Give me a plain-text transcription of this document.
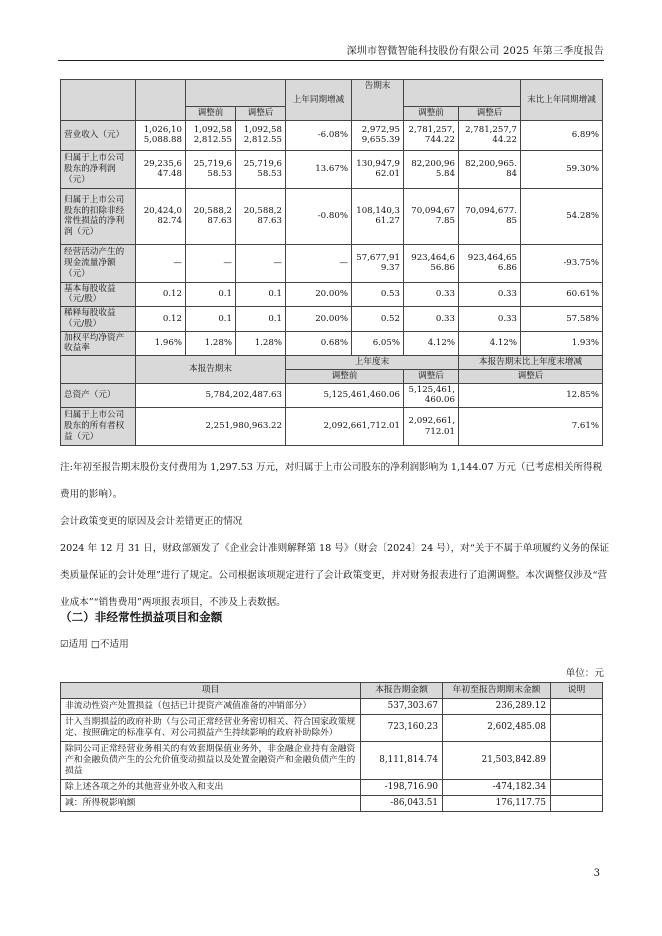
深圳市智微智能科技股份有限公司 2025 年第三季度报告
				上年同期增减	告期末			末比上年同期增减
		调整前	调整后			调整前	调整后	
营业收入（元）	1,026,105,088.88	1,092,582,812.55	1,092,582,812.55	-6.08%	2,972,959,655.39	2,781,257,744.22	2,781,257,744.22	6.89%
归属于上市公司股东的净利润（元）	29,235,647.48	25,719,658.53	25,719,658.53	13.67%	130,947,962.01	82,200,965.84	82,200,965.84	59.30%
归属于上市公司股东的扣除非经常性损益的净利润（元）	20,424,082.74	20,588,287.63	20,588,287.63	-0.80%	108,140,361.27	70,094,677.85	70,094,677.85	54.28%
经营活动产生的现金流量净额（元）	—	—	—	—	57,677,919.37	923,464,656.86	923,464,656.86	-93.75%
基本每股收益（元/股）	0.12	0.1	0.1	20.00%	0.53	0.33	0.33	60.61%
稀释每股收益（元/股）	0.12	0.1	0.1	20.00%	0.52	0.33	0.33	57.58%
加权平均净资产收益率	1.96%	1.28%	1.28%	0.68%	6.05%	4.12%	4.12%	1.93%
	本报告期末			上年度末			本报告期末比上年度末增减	
				调整前		调整后	调整后	
总资产（元）	5,784,202,487.63			5,125,461,460.06		5,125,461,460.06	12.85%	
归属于上市公司股东的所有者权益（元）	2,251,980,963.22			2,092,661,712.01		2,092,661,712.01	7.61%	
注:年初至报告期末股份支付费用为 1,297.53 万元，对归属于上市公司股东的净利润影响为 1,144.07 万元（已考虑相关所得税费用的影响）。
会计政策变更的原因及会计差错更正的情况
2024 年 12 月 31 日，财政部颁发了《企业会计准则解释第 18 号》（财会〔2024〕24 号），对“关于不属于单项履约义务的保证类质量保证的会计处理”进行了规定。公司根据该项规定进行了会计政策变更，并对财务报表进行了追溯调整。本次调整仅涉及“营业成本”“销售费用”两项报表项目，不涉及上表数据。
（二）非经常性损益项目和金额
☑适用 □不适用
单位：元
项目	本报告期金额	年初至报告期期末金额	说明
非流动性资产处置损益（包括已计提资产减值准备的冲销部分）	537,303.67	236,289.12	
计入当期损益的政府补助（与公司正常经营业务密切相关、符合国家政策规定、按照确定的标准享有、对公司损益产生持续影响的政府补助除外）	723,160.23	2,602,485.08	
除同公司正常经营业务相关的有效套期保值业务外，非金融企业持有金融资产和金融负债产生的公允价值变动损益以及处置金融资产和金融负债产生的损益	8,111,814.74	21,503,842.89	
除上述各项之外的其他营业外收入和支出	-198,716.90	-474,182.34	
减：所得税影响额	-86,043.51	176,117.75	
3
